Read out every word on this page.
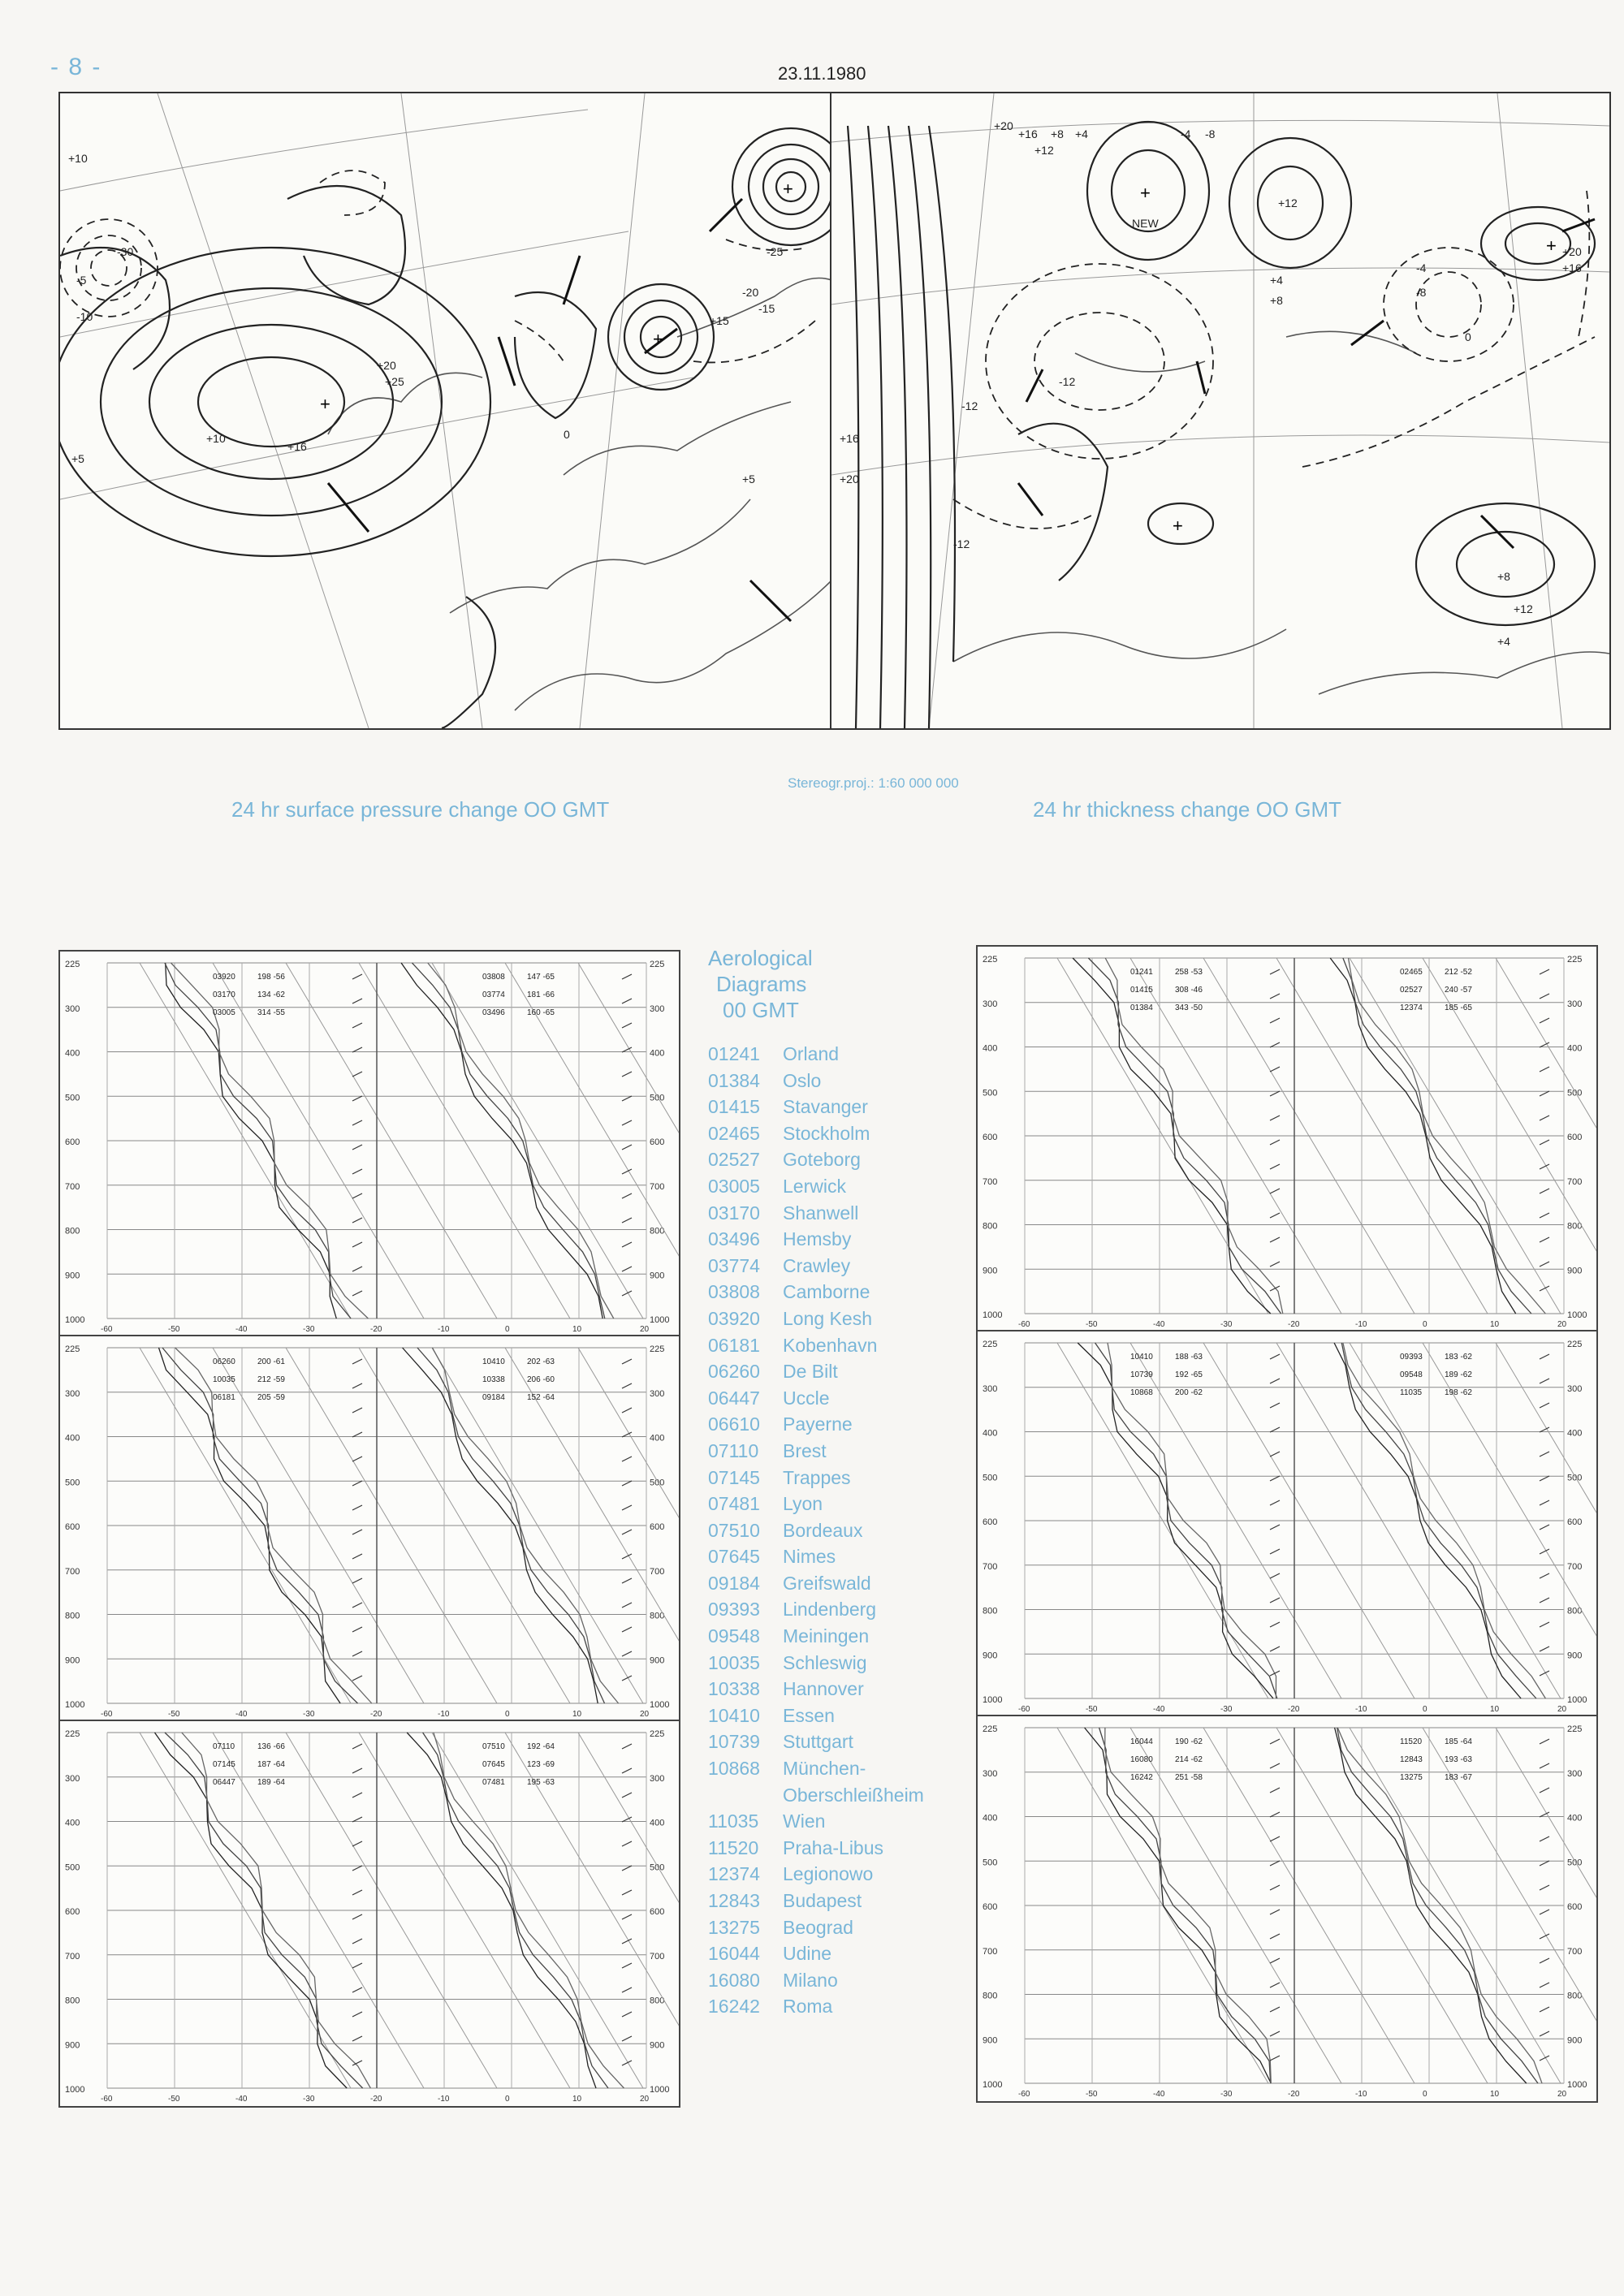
- 8 -	23.11.1980
+10
+5
-5
-10
+20
+25
+16
0
+15
-15
-20
-25
-30
+5
+10
+
+
+
+20
+16
+12
+8 +4	-4 -8
-12
NEW
+4
+8
+12
+20
+16
-8
-4
0
-12
+12
+8
+4
-12
+16
+20
+
+
+
24 hr surface pressure change OO GMT
Stereogr.proj.: 1:60 000 000
24 hr thickness change OO GMT
225	225
300	300
400	400
500	500
600	600
700	700
800	800
900	900
1000	1000
-60	-50	-40	-30	-20	-10	0	10	20
03920	198 -56
03170	134 -62
03005	314 -55
03808	147 -65
03774	181 -66
03496	160 -65
225	225
300	300
400	400
500	500
600	600
700	700
800	800
900	900
1000	1000
-60	-50	-40	-30	-20	-10	0	10	20
06260	200 -61
10035	212 -59
06181	205 -59
10410	202 -63
10338	206 -60
09184	152 -64
225	225
300	300
400	400
500	500
600	600
700	700
800	800
900	900
1000	1000
-60	-50	-40	-30	-20	-10	0	10	20
07110	136 -66
07145	187 -64
06447	189 -64
07510	192 -64
07645	123 -69
07481	195 -63
225	225
300	300
400	400
500	500
600	600
700	700
800	800
900	900
1000	1000
-60	-50	-40	-30	-20	-10	0	10	20
01241	258 -53
01415	308 -46
01384	343 -50
02465	212 -52
02527	240 -57
12374	185 -65
225	225
300	300
400	400
500	500
600	600
700	700
800	800
900	900
1000	1000
-60	-50	-40	-30	-20	-10	0	10	20
10410	188 -63
10739	192 -65
10868	200 -62
09393	183 -62
09548	189 -62
11035	198 -62
225	225
300	300
400	400
500	500
600	600
700	700
800	800
900	900
1000	1000
-60	-50	-40	-30	-20	-10	0	10	20
16044	190 -62
16080	214 -62
16242	251 -58
11520	185 -64
12843	193 -63
13275	183 -67
Aerological
Diagrams
00 GMT
01241	Orland
01384	Oslo
01415	Stavanger
02465	Stockholm
02527	Goteborg
03005	Lerwick
03170	Shanwell
03496	Hemsby
03774	Crawley
03808	Camborne
03920	Long Kesh
06181	Kobenhavn
06260	De Bilt
06447	Uccle
06610	Payerne
07110	Brest
07145	Trappes
07481	Lyon
07510	Bordeaux
07645	Nimes
09184	Greifswald
09393	Lindenberg
09548	Meiningen
10035	Schleswig
10338	Hannover
10410	Essen
10739	Stuttgart
10868	München-
Oberschleißheim
11035	Wien
11520	Praha-Libus
12374	Legionowo
12843	Budapest
13275	Beograd
16044	Udine
16080	Milano
16242	Roma
